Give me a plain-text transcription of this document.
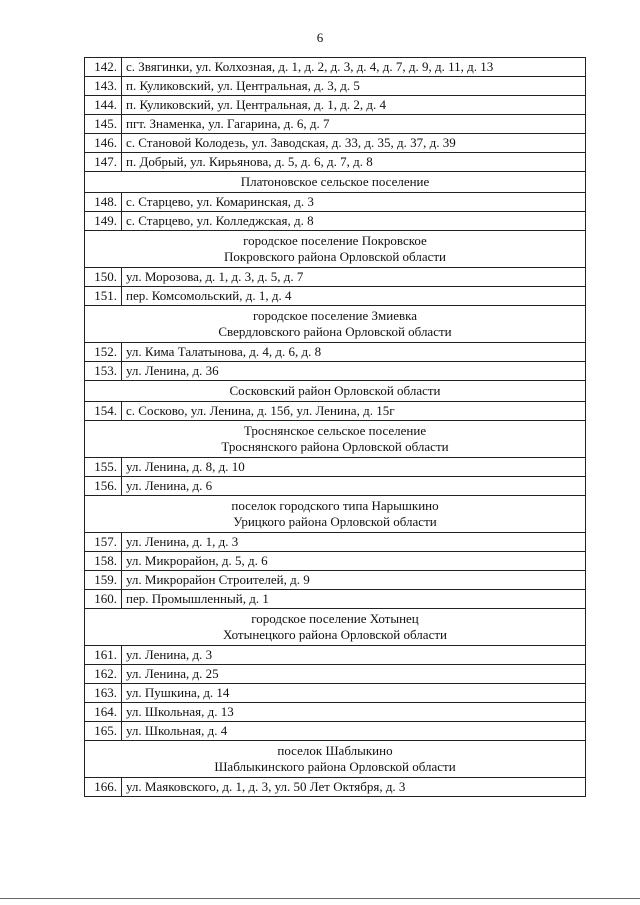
6
142.	с. Звягинки, ул. Колхозная, д. 1, д. 2, д. 3, д. 4, д. 7, д. 9, д. 11, д. 13
143.	п. Куликовский, ул. Центральная, д. 3, д. 5
144.	п. Куликовский, ул. Центральная, д. 1, д. 2, д. 4
145.	пгт. Знаменка, ул. Гагарина, д. 6, д. 7
146.	с. Становой Колодезь, ул. Заводская, д. 33, д. 35, д. 37, д. 39
147.	п. Добрый, ул. Кирьянова, д. 5, д. 6, д. 7, д. 8

Платоновское сельское поселение	

148.	с. Старцево, ул. Комаринская, д. 3
149.	с. Старцево, ул. Колледжская, д. 8

городское поселение Покровское
Покровского района Орловской области	

150.	ул. Морозова, д. 1, д. 3, д. 5, д. 7
151.	пер. Комсомольский, д. 1, д. 4

городское поселение Змиевка
Свердловского района Орловской области	

152.	ул. Кима Талатынова, д. 4, д. 6, д. 8
153.	ул. Ленина, д. 36

Сосковский район Орловской области	

154.	с. Сосково, ул. Ленина, д. 15б, ул. Ленина, д. 15г

Троснянское сельское поселение
Троснянского района Орловской области	

155.	ул. Ленина, д. 8, д. 10
156.	ул. Ленина, д. 6

поселок городского типа Нарышкино
Урицкого района Орловской области	

157.	ул. Ленина, д. 1, д. 3
158.	ул. Микрорайон, д. 5, д. 6
159.	ул. Микрорайон Строителей, д. 9
160.	пер. Промышленный, д. 1

городское поселение Хотынец
Хотынецкого района Орловской области	

161.	ул. Ленина, д. 3
162.	ул. Ленина, д. 25
163.	ул. Пушкина, д. 14
164.	ул. Школьная, д. 13
165.	ул. Школьная, д. 4

поселок Шаблыкино
Шаблыкинского района Орловской области	

166.	ул. Маяковского, д. 1, д. 3, ул. 50 Лет Октября, д. 3
